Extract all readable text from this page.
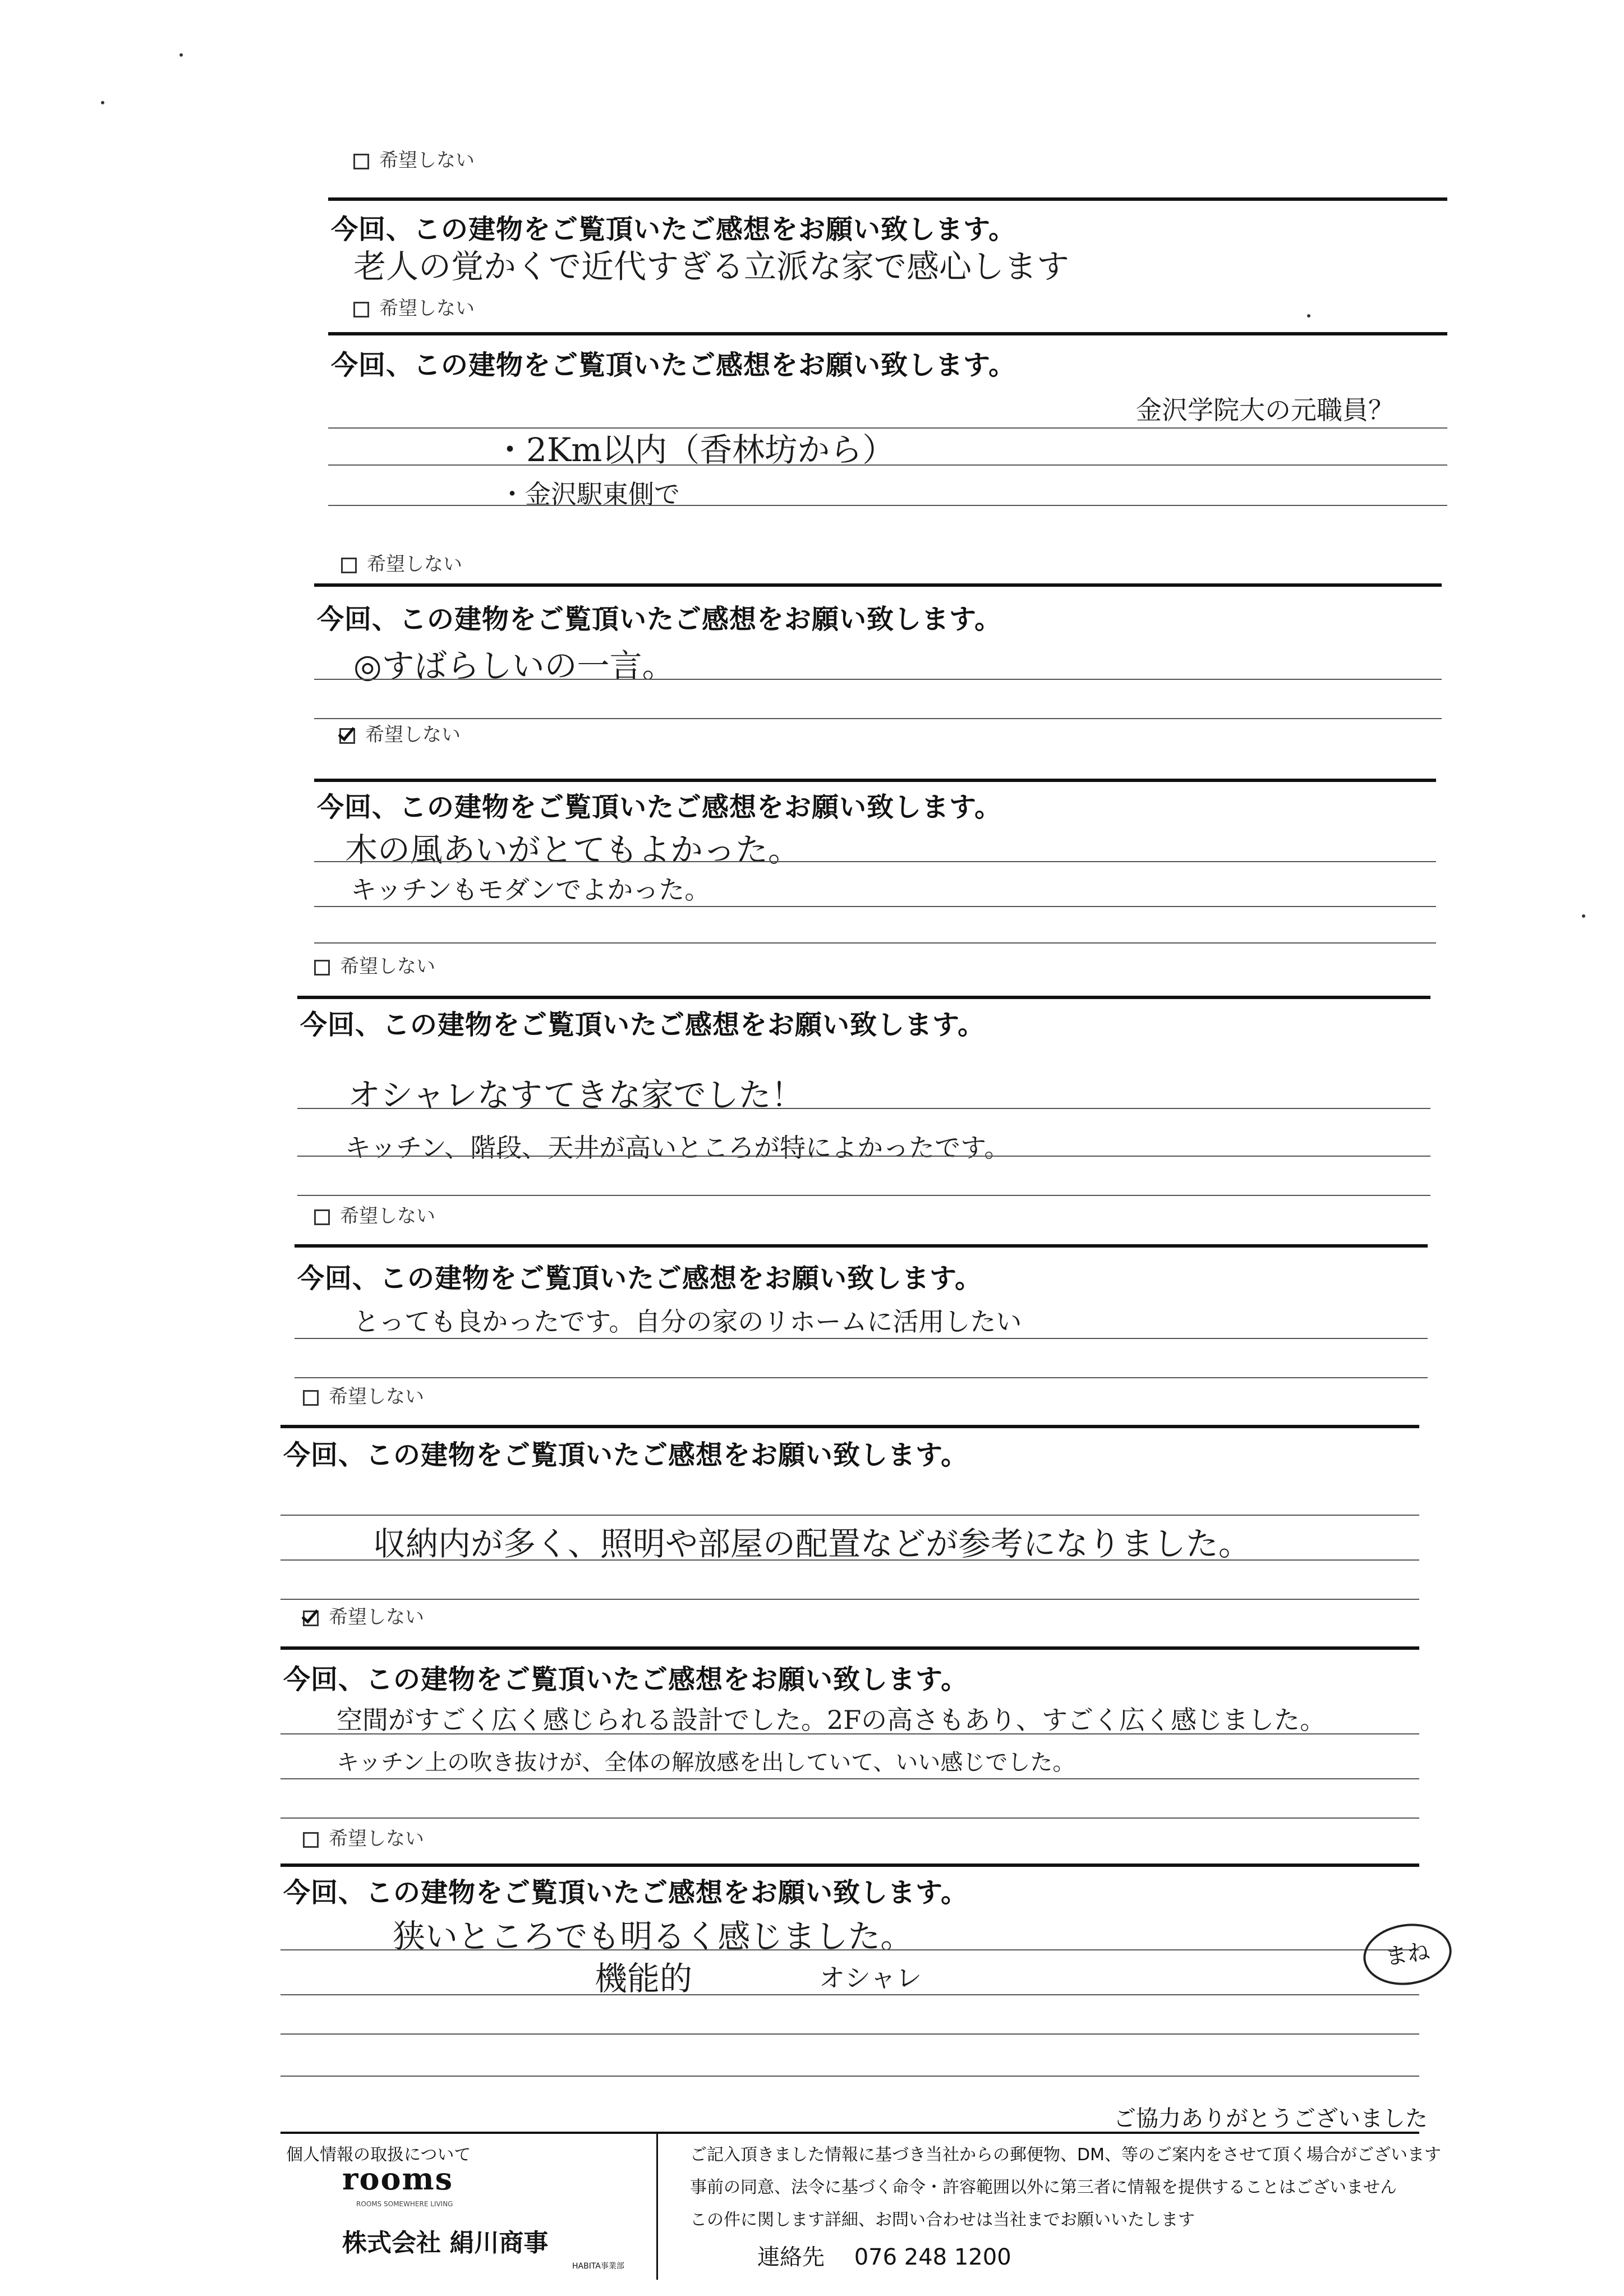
希望しない
今回、この建物をご覧頂いたご感想をお願い致します。
老人の覚かくで近代すぎる立派な家で感心します
希望しない
今回、この建物をご覧頂いたご感想をお願い致します。
金沢学院大の元職員？
・2Km以内（香林坊から）
・金沢駅東側で
希望しない
今回、この建物をご覧頂いたご感想をお願い致します。
◎すばらしいの一言。
希望しない
今回、この建物をご覧頂いたご感想をお願い致します。
木の風あいがとてもよかった。
キッチンもモダンでよかった。
希望しない
今回、この建物をご覧頂いたご感想をお願い致します。
オシャレなすてきな家でした！
キッチン、階段、天井が高いところが特によかったです。
希望しない
今回、この建物をご覧頂いたご感想をお願い致します。
とっても良かったです。自分の家のリホームに活用したい
希望しない
今回、この建物をご覧頂いたご感想をお願い致します。
収納内が多く、照明や部屋の配置などが参考になりました。
希望しない
今回、この建物をご覧頂いたご感想をお願い致します。
空間がすごく広く感じられる設計でした。2Fの高さもあり、すごく広く感じました。
キッチン上の吹き抜けが、全体の解放感を出していて、いい感じでした。
希望しない
今回、この建物をご覧頂いたご感想をお願い致します。
狭いところでも明るく感じました。
機能的	オシャレ
まね
ご協力ありがとうございました
個人情報の取扱について
rooms
ROOMS SOMEWHERE LIVING
株式会社 絹川商事
HABITA事業部
ご記入頂きました情報に基づき当社からの郵便物、DM、等のご案内をさせて頂く場合がございます
事前の同意、法令に基づく命令・許容範囲以外に第三者に情報を提供することはございません
この件に関します詳細、お問い合わせは当社までお願いいたします
連絡先 076 248 1200
